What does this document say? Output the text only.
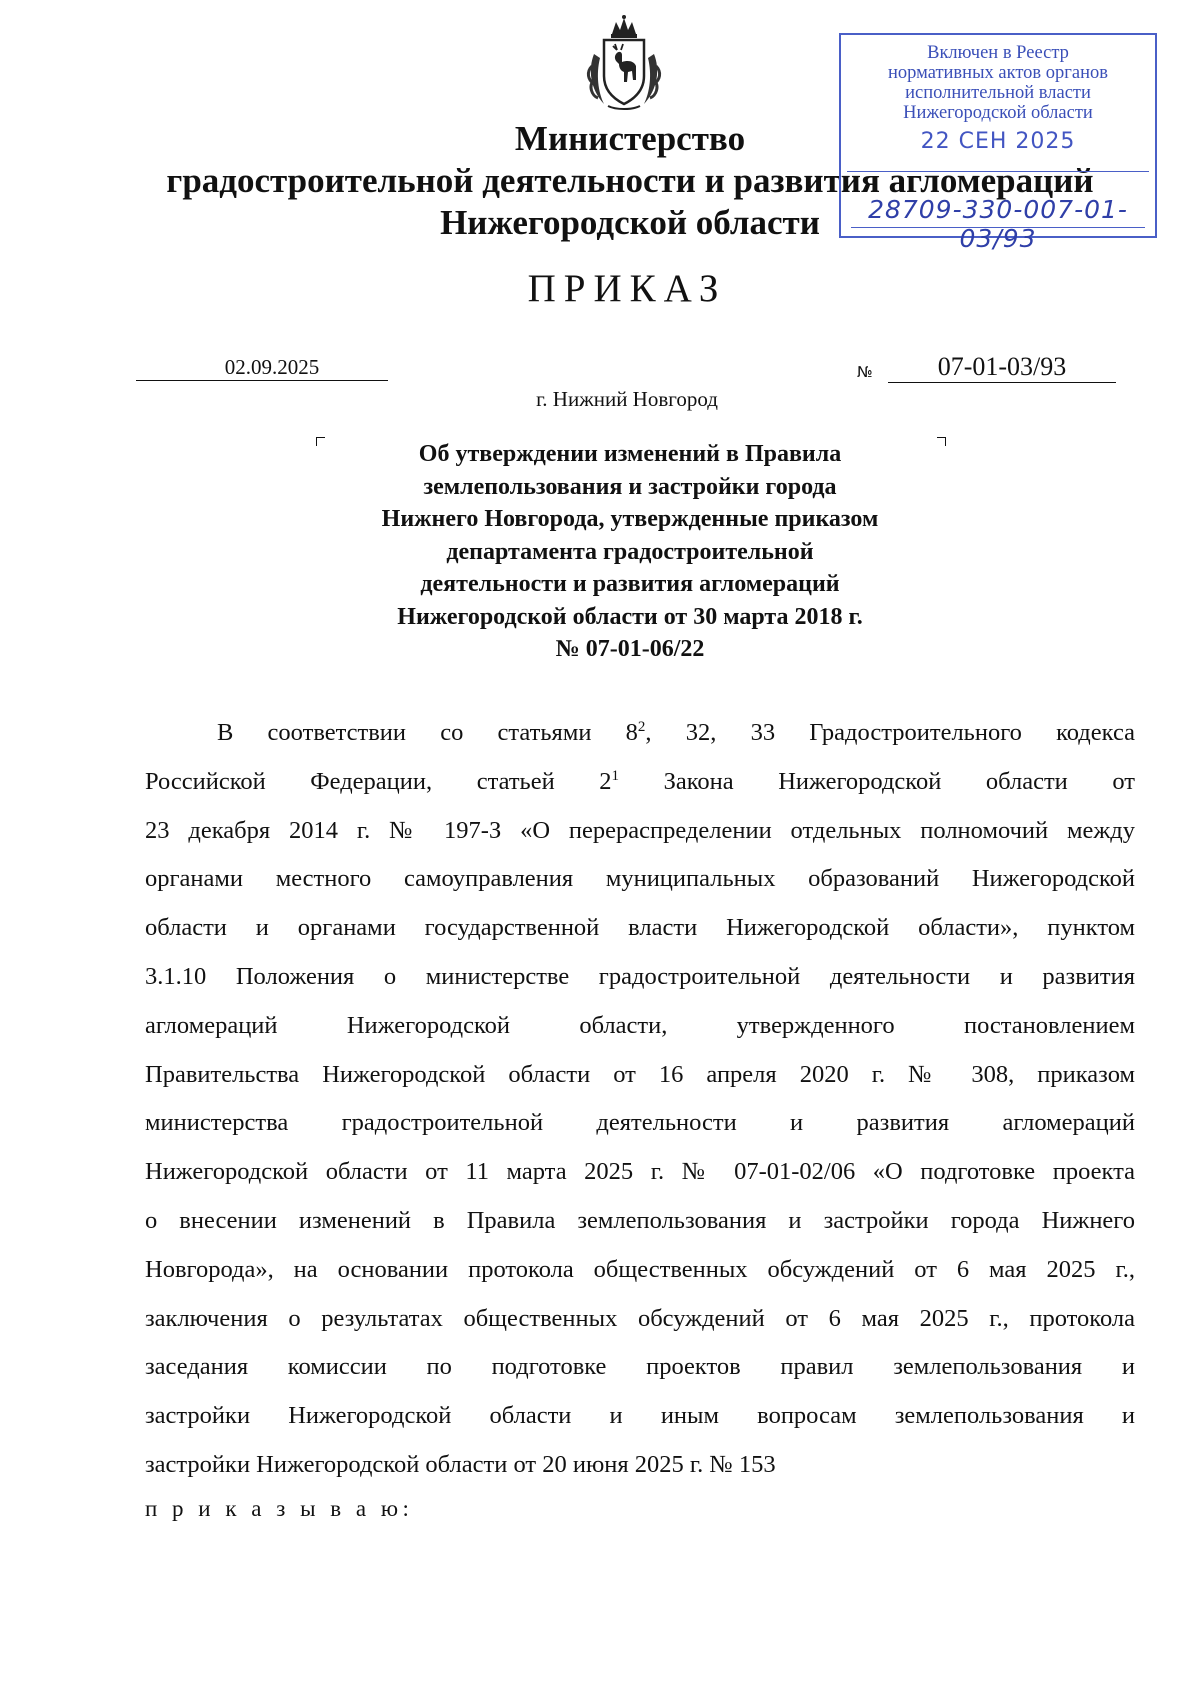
Министерство
градостроительной деятельности и развития агломераций
Нижегородской области
ПРИКАЗ
02.09.2025	№	07-01-03/93
г. Нижний Новгород
Об утверждении изменений в Правила
землепользования и застройки города
Нижнего Новгорода, утвержденные приказом
департамента градостроительной
деятельности и развития агломераций
Нижегородской области от 30 марта 2018 г.
№ 07-01-06/22
В соответствии со статьями $8^2$, 32, 33 Градостроительного кодекса
Российской Федерации, статьей $2^1$ Закона Нижегородской области от
23 декабря 2014 г. № 197-З «О перераспределении отдельных полномочий между
органами местного самоуправления муниципальных образований Нижегородской
области и органами государственной власти Нижегородской области», пунктом
3.1.10 Положения о министерстве градостроительной деятельности и развития
агломераций Нижегородской области, утвержденного постановлением
Правительства Нижегородской области от 16 апреля 2020 г. № 308, приказом
министерства градостроительной деятельности и развития агломераций
Нижегородской области от 11 марта 2025 г. № 07-01-02/06 «О подготовке проекта
о внесении изменений в Правила землепользования и застройки города Нижнего
Новгорода», на основании протокола общественных обсуждений от 6 мая 2025 г.,
заключения о результатах общественных обсуждений от 6 мая 2025 г., протокола
заседания комиссии по подготовке проектов правил землепользования и
застройки Нижегородской области и иным вопросам землепользования и
застройки Нижегородской области от 20 июня 2025 г. № 153
п р и к а з ы в а ю:
Включен в Реестр
нормативных актов органов
исполнительной власти
Нижегородской области
22 СЕН 2025
28709-330-007-01-03/93
